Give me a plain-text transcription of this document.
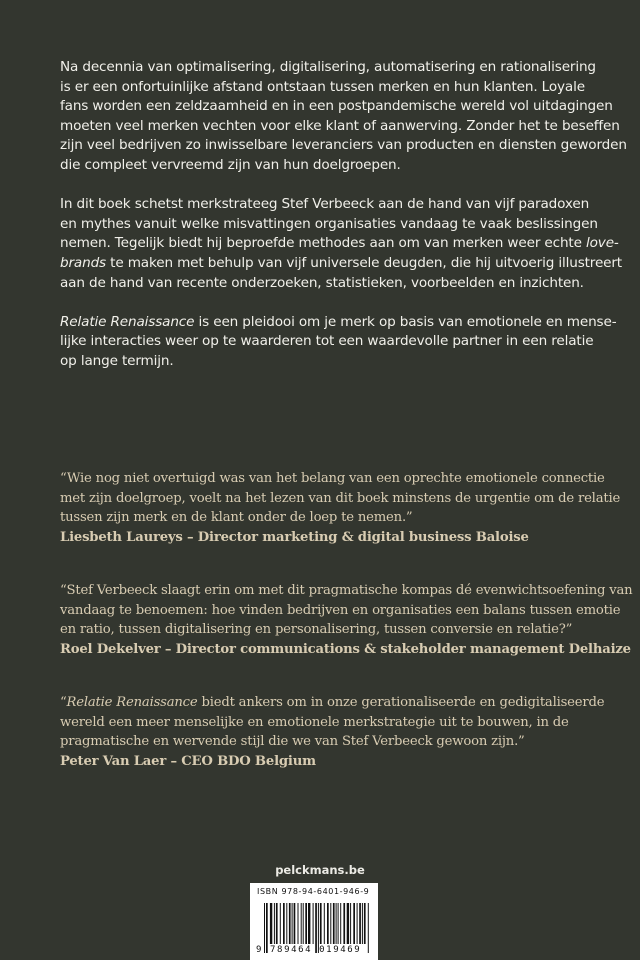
Na decennia van optimalisering, digitalisering, automatisering en rationalisering
is er een onfortuinlijke afstand ontstaan tussen merken en hun klanten. Loyale
fans worden een zeldzaamheid en in een postpandemische wereld vol uitdagingen
moeten veel merken vechten voor elke klant of aanwerving. Zonder het te beseffen
zijn veel bedrijven zo inwisselbare leveranciers van producten en diensten geworden
die compleet vervreemd zijn van hun doelgroepen.

In dit boek schetst merkstrateeg Stef Verbeeck aan de hand van vijf paradoxen
en mythes vanuit welke misvattingen organisaties vandaag te vaak beslissingen
nemen. Tegelijk biedt hij beproefde methodes aan om van merken weer echte love-
brands te maken met behulp van vijf universele deugden, die hij uitvoerig illustreert
aan de hand van recente onderzoeken, statistieken, voorbeelden en inzichten.

Relatie Renaissance is een pleidooi om je merk op basis van emotionele en mense-
lijke interacties weer op te waarderen tot een waardevolle partner in een relatie
op lange termijn.

“Wie nog niet overtuigd was van het belang van een oprechte emotionele connectie
met zijn doelgroep, voelt na het lezen van dit boek minstens de urgentie om de relatie
tussen zijn merk en de klant onder de loep te nemen.”
Liesbeth Laureys – Director marketing & digital business Baloise
“Stef Verbeeck slaagt erin om met dit pragmatische kompas dé evenwichtsoefening van
vandaag te benoemen: hoe vinden bedrijven en organisaties een balans tussen emotie
en ratio, tussen digitalisering en personalisering, tussen conversie en relatie?”
Roel Dekelver – Director communications & stakeholder management Delhaize
“Relatie Renaissance biedt ankers om in onze gerationaliseerde en gedigitaliseerde
wereld een meer menselijke en emotionele merkstrategie uit te bouwen, in de
pragmatische en wervende stijl die we van Stef Verbeeck gewoon zijn.”
Peter Van Laer – CEO BDO Belgium
pelckmans.be
ISBN 978-94-6401-946-9
9 789464 019469
